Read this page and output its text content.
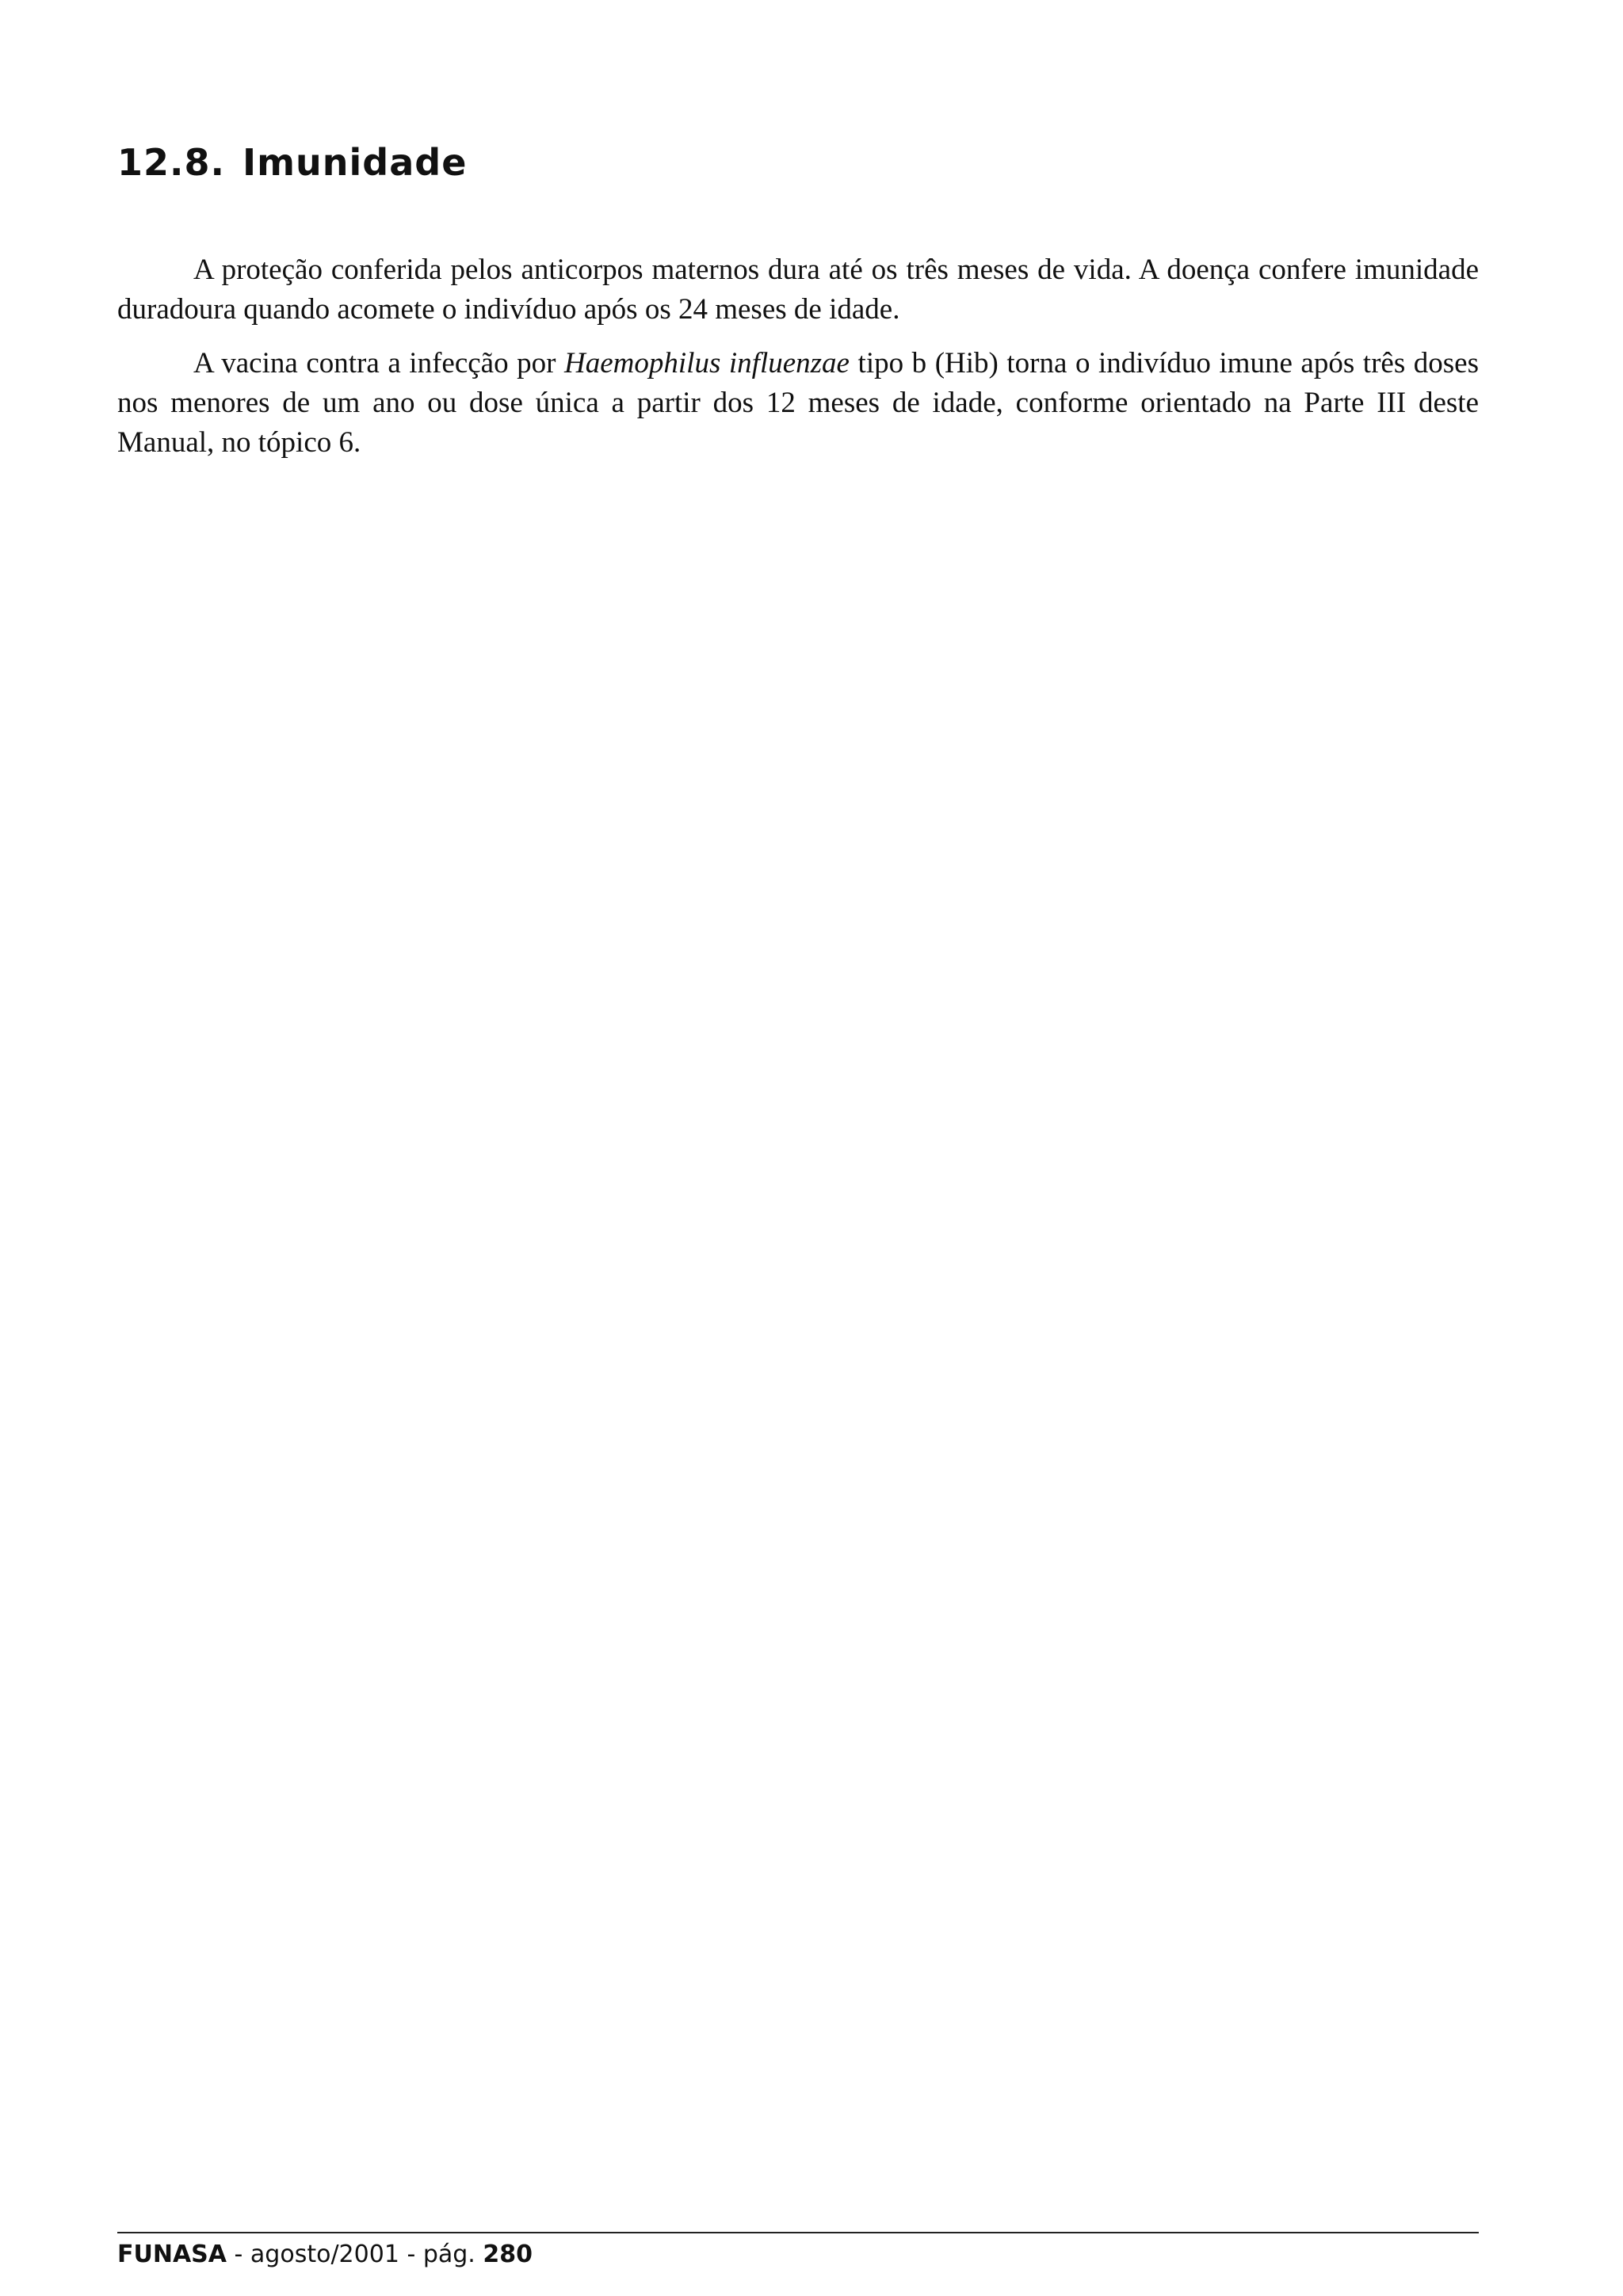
12.8. Imunidade

A proteção conferida pelos anticorpos maternos dura até os três meses de vida. A doença confere imunidade duradoura quando acomete o indivíduo após os 24 meses de idade.

A vacina contra a infecção por Haemophilus influenzae tipo b (Hib) torna o indivíduo imune após três doses nos menores de um ano ou dose única a partir dos 12 meses de idade, conforme orientado na Parte III deste Manual, no tópico 6.

FUNASA - agosto/2001 - pág. 280
